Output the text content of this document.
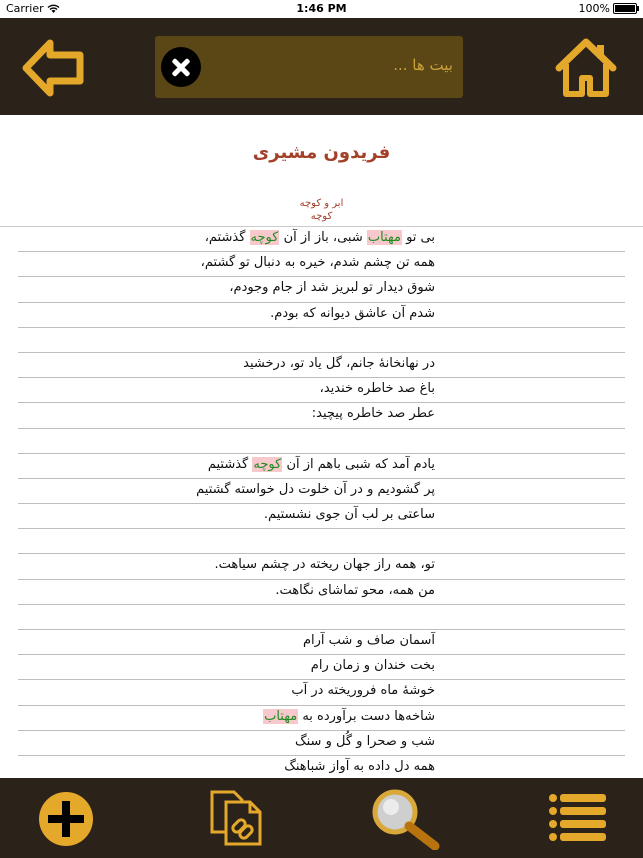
Carrier	1:46 PM	100%
بیت ها ...
فریدون مشیری
ابر و کوچه
کوچه
بی تو مهتاب شبی، باز از آن کوچه گذشتم،
همه تن چشم شدم، خیره به دنبال تو گشتم،
شوق دیدار تو لبریز شد از جام وجودم،
شدم آن عاشق دیوانه که بودم.
در نهانخانهٔ جانم، گل یاد تو، درخشید
باغ صد خاطره خندید،
عطر صد خاطره پیچید:
یادم آمد که شبی باهم از آن کوچه گذشتیم
پر گشودیم و در آن خلوت دل خواسته گشتیم
ساعتی بر لب آن جوی نشستیم.
تو، همه راز جهان ریخته در چشم سیاهت.
من همه، محو تماشای نگاهت.
آسمان صاف و شب آرام
بخت خندان و زمان رام
خوشهٔ ماه فروریخته در آب
شاخه‌ها دست برآورده به مهتاب
شب و صحرا و گُل و سنگ
همه دل داده به آواز شباهنگ
